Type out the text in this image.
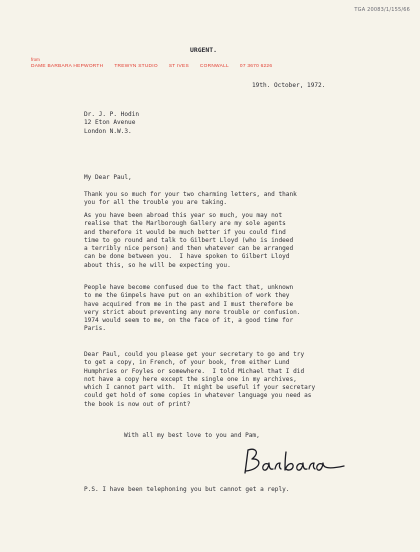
TGA 20083/1/155/66
URGENT.
from
DAME BARBARA HEPWORTH TREWYN STUDIO ST IVES CORNWALL 07 3670 6226
19th. October, 1972.
Dr. J. P. Hodin
12 Eton Avenue
London N.W.3.
My Dear Paul,
Thank you so much for your two charming letters, and thank
you for all the trouble you are taking.
As you have been abroad this year so much, you may not
realise that the Marlborough Gallery are my sole agents
and therefore it would be much better if you could find
time to go round and talk to Gilbert Lloyd (who is indeed
a terribly nice person) and then whatever can be arranged
can be done between you.  I have spoken to Gilbert Lloyd
about this, so he will be expecting you.
People have become confused due to the fact that, unknown
to me the Gimpels have put on an exhibition of work they
have acquired from me in the past and I must therefore be
very strict about preventing any more trouble or confusion.
1974 would seem to me, on the face of it, a good time for
Paris.
Dear Paul, could you please get your secretary to go and try
to get a copy, in French, of your book, from either Lund
Humphries or Foyles or somewhere.  I told Michael that I did
not have a copy here except the single one in my archives,
which I cannot part with.  It might be useful if your secretary
could get hold of some copies in whatever language you need as
the book is now out of print?
With all my best love to you and Pam,
P.S. I have been telephoning you but cannot get a reply.
